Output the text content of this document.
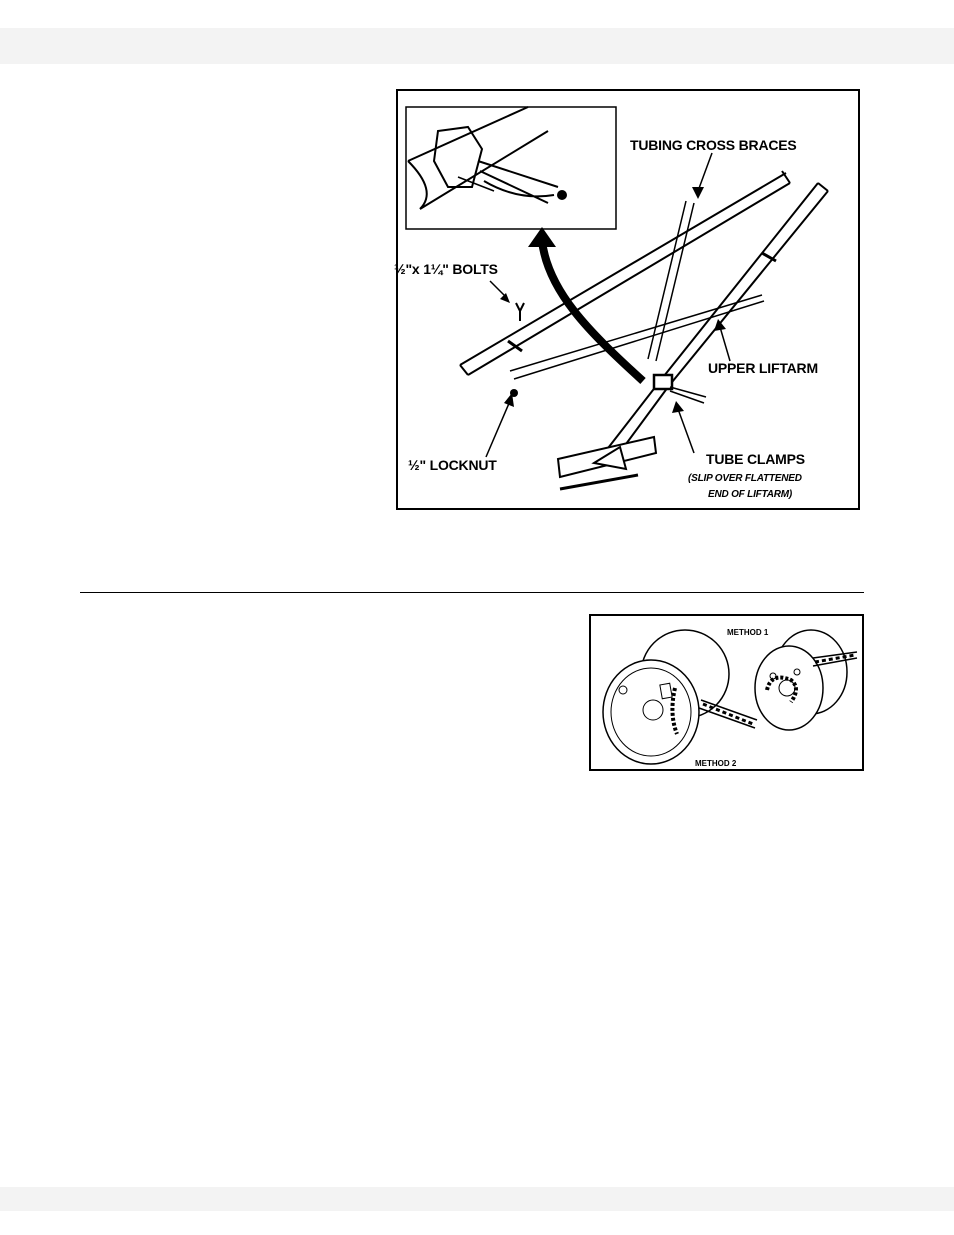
TUBING CROSS BRACES
½"x 1¼" BOLTS
UPPER LIFTARM
½" LOCKNUT	TUBE CLAMPS
(SLIP OVER FLATTENED
END OF LIFTARM)
METHOD 1
METHOD 2
